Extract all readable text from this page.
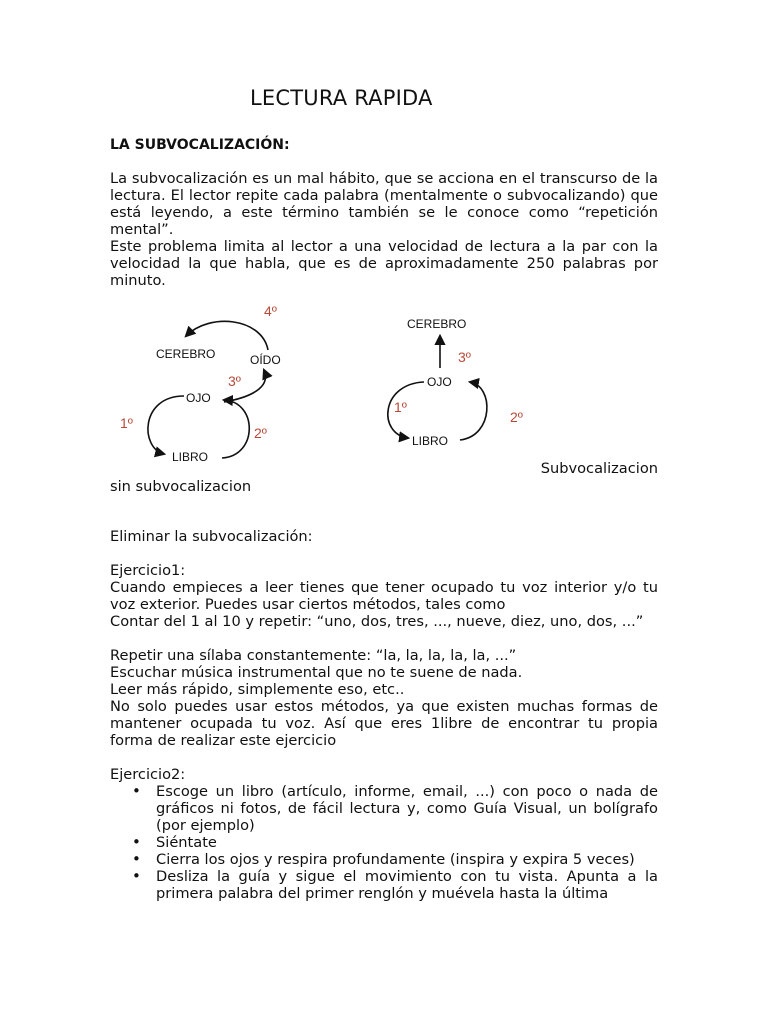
LECTURA RAPIDA
LA SUBVOCALIZACIÓN:

La subvocalización es un mal hábito, que se acciona en el transcurso de la lectura. El lector repite cada palabra (mentalmente o subvocalizando) que está leyendo, a este término también se le conoce como “repetición mental”.

Este problema limita al lector a una velocidad de lectura a la par con la velocidad la que habla, que es de aproximadamente 250 palabras por minuto.

CEREBRO	OÍDO
OJO
LIBRO
4º
3º
1º
2º
CEREBRO
OJO
LIBRO
3º
1º
2º
Subvocalizacion
sin subvocalizacion

Eliminar la subvocalización:

Ejercicio1:

Cuando empieces a leer tienes que tener ocupado tu voz interior y/o tu voz exterior. Puedes usar ciertos métodos, tales como

Contar del 1 al 10 y repetir: “uno, dos, tres, ..., nueve, diez, uno, dos, ...”

Repetir una sílaba constantemente: “la, la, la, la, la, ...”

Escuchar música instrumental que no te suene de nada.

Leer más rápido, simplemente eso, etc..

No solo puedes usar estos métodos, ya que existen muchas formas de mantener ocupada tu voz. Así que eres 1libre de encontrar tu propia forma de realizar este ejercicio

Ejercicio2:

• Escoge un libro (artículo, informe, email, ...) con poco o nada de gráficos ni fotos, de fácil lectura y, como Guía Visual, un bolígrafo (por ejemplo)
• Siéntate
• Cierra los ojos y respira profundamente (inspira y expira 5 veces)
• Desliza la guía y sigue el movimiento con tu vista. Apunta a la primera palabra del primer renglón y muévela hasta la última
